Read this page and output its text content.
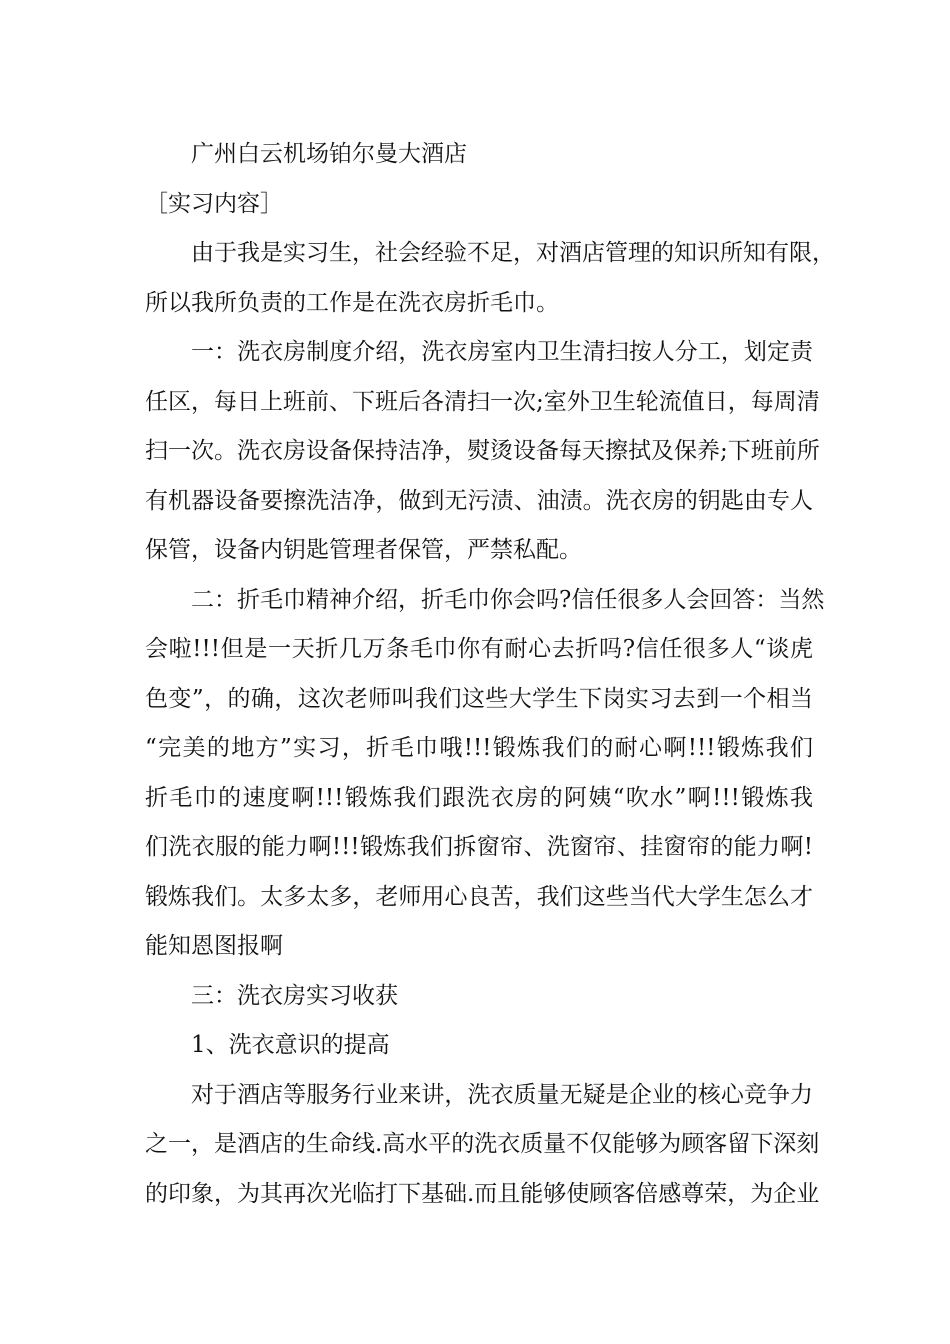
广州白云机场铂尔曼大酒店
［实习内容］
由于我是实习生，社会经验不足，对酒店管理的知识所知有限，
所以我所负责的工作是在洗衣房折毛巾。
一：洗衣房制度介绍，洗衣房室内卫生清扫按人分工，划定责
任区，每日上班前、下班后各清扫一次;室外卫生轮流值日，每周清
扫一次。洗衣房设备保持洁净，熨烫设备每天擦拭及保养;下班前所
有机器设备要擦洗洁净，做到无污渍、油渍。洗衣房的钥匙由专人
保管，设备内钥匙管理者保管，严禁私配。
二：折毛巾精神介绍，折毛巾你会吗?信任很多人会回答：当然
会啦!!!但是一天折几万条毛巾你有耐心去折吗?信任很多人“谈虎
色变”，的确，这次老师叫我们这些大学生下岗实习去到一个相当
“完美的地方”实习，折毛巾哦!!!锻炼我们的耐心啊!!!锻炼我们
折毛巾的速度啊!!!锻炼我们跟洗衣房的阿姨“吹水”啊!!!锻炼我
们洗衣服的能力啊!!!锻炼我们拆窗帘、洗窗帘、挂窗帘的能力啊!
锻炼我们。太多太多，老师用心良苦，我们这些当代大学生怎么才
能知恩图报啊
三：洗衣房实习收获
1、洗衣意识的提高
对于酒店等服务行业来讲，洗衣质量无疑是企业的核心竞争力
之一，是酒店的生命线.高水平的洗衣质量不仅能够为顾客留下深刻
的印象，为其再次光临打下基础.而且能够使顾客倍感尊荣，为企业
